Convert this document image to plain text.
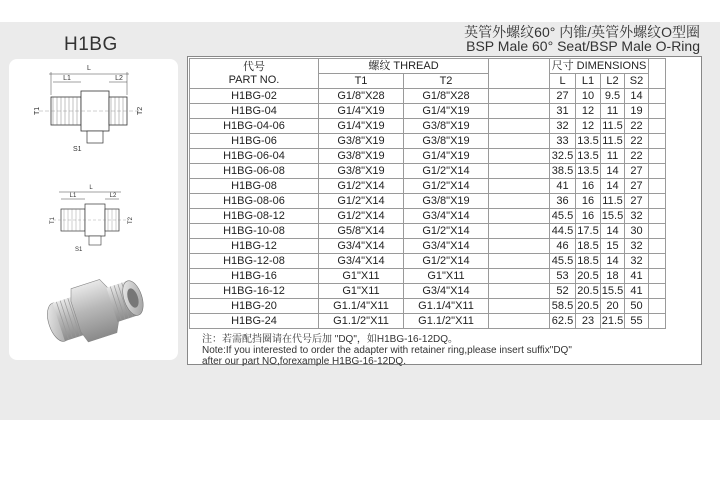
H1BG
英管外螺纹60° 内锥/英管外螺纹O型圈
BSP Male 60° Seat/BSP Male O-Ring
L
L1	L2
T1	T2
S1
L
L1	L2
T1	T2
S1
代号
PART NO.	螺纹 THREAD			尺寸 DIMENSIONS				
	T1	T2		L	L1	L2	S2	
H1BG-02	G1/8"X28	G1/8"X28		27	10	9.5	14	
H1BG-04	G1/4"X19	G1/4"X19		31	12	11	19	
H1BG-04-06	G1/4"X19	G3/8"X19		32	12	11.5	22	
H1BG-06	G3/8"X19	G3/8"X19		33	13.5	11.5	22	
H1BG-06-04	G3/8"X19	G1/4"X19		32.5	13.5	11	22	
H1BG-06-08	G3/8"X19	G1/2"X14		38.5	13.5	14	27	
H1BG-08	G1/2"X14	G1/2"X14		41	16	14	27	
H1BG-08-06	G1/2"X14	G3/8"X19		36	16	11.5	27	
H1BG-08-12	G1/2"X14	G3/4"X14		45.5	16	15.5	32	
H1BG-10-08	G5/8"X14	G1/2"X14		44.5	17.5	14	30	
H1BG-12	G3/4"X14	G3/4"X14		46	18.5	15	32	
H1BG-12-08	G3/4"X14	G1/2"X14		45.5	18.5	14	32	
H1BG-16	G1"X11	G1"X11		53	20.5	18	41	
H1BG-16-12	G1"X11	G3/4"X14		52	20.5	15.5	41	
H1BG-20	G1.1/4"X11	G1.1/4"X11		58.5	20.5	20	50	
H1BG-24	G1.1/2"X11	G1.1/2"X11		62.5	23	21.5	55	
注：若需配挡圈请在代号后加 "DQ"，如H1BG-16-12DQ。
Note:If you interested to order the adapter with retainer ring,please insert suffix"DQ"
after our part NO,forexample H1BG-16-12DQ.
